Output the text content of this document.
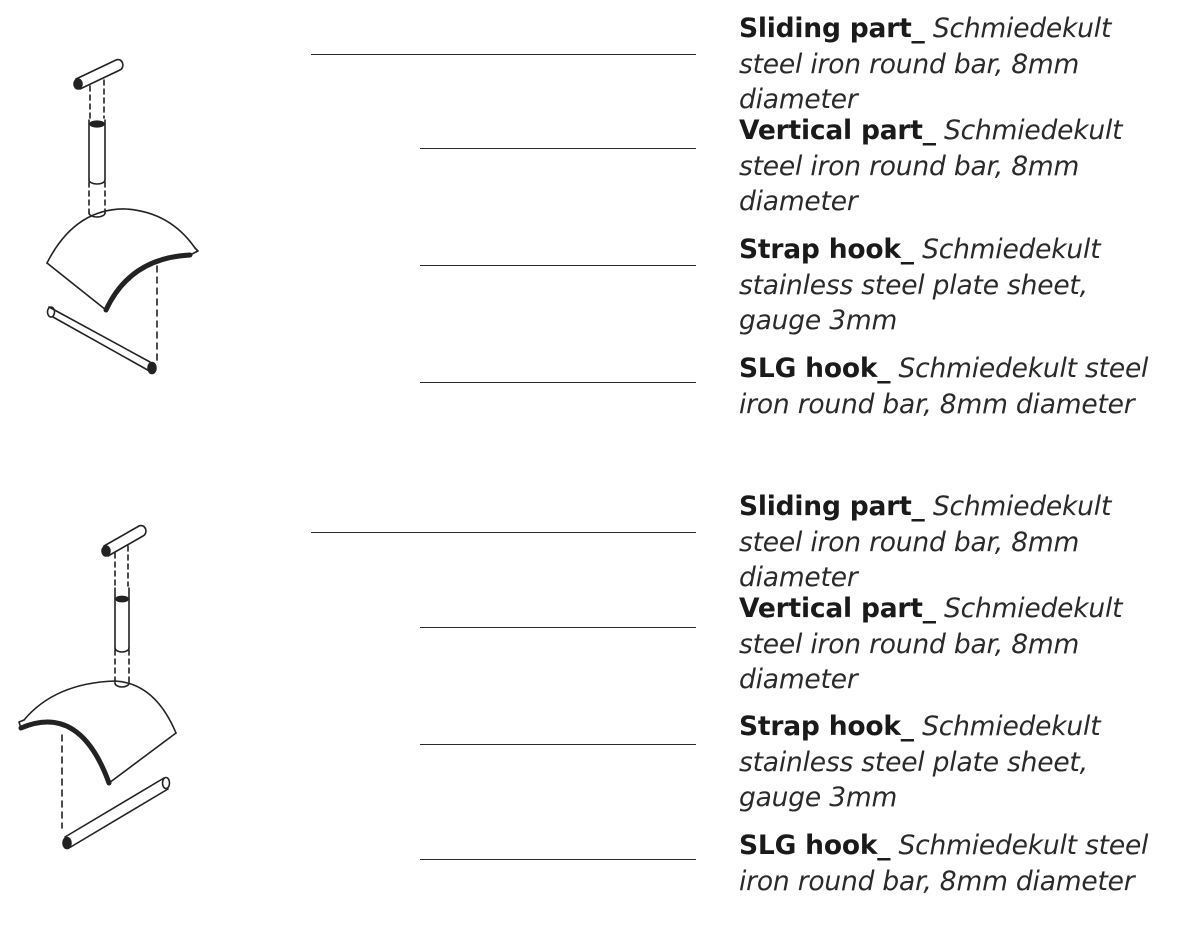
Sliding part_ Schmiedekult steel iron round bar, 8mm diameter
Vertical part_ Schmiedekult steel iron round bar, 8mm diameter
Strap hook_ Schmiedekult stainless steel plate sheet, gauge 3mm
SLG hook_ Schmiedekult steel iron round bar, 8mm diameter
Sliding part_ Schmiedekult steel iron round bar, 8mm diameter
Vertical part_ Schmiedekult steel iron round bar, 8mm diameter
Strap hook_ Schmiedekult stainless steel plate sheet, gauge 3mm
SLG hook_ Schmiedekult steel iron round bar, 8mm diameter
